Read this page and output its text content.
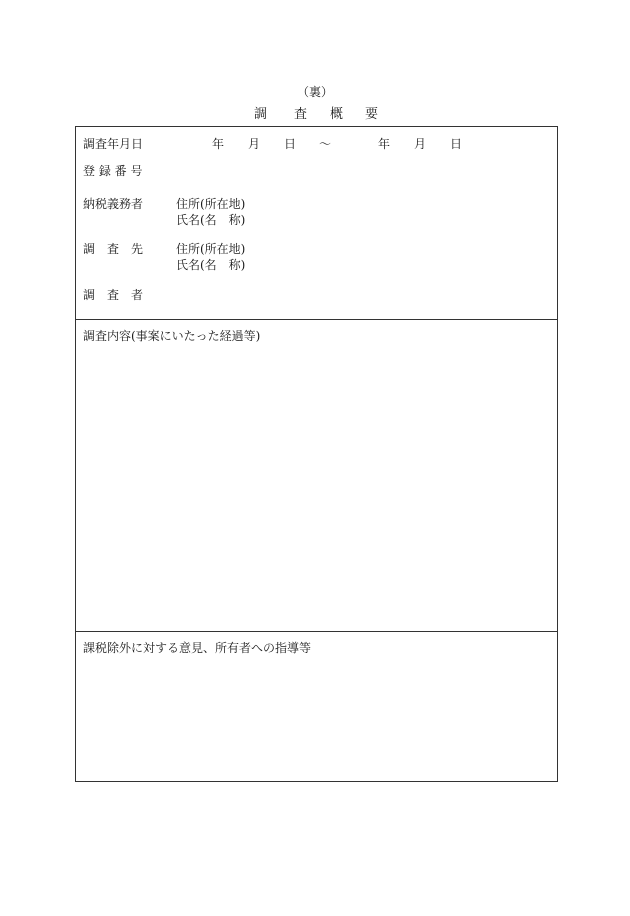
（裏）
調 査 概 要
調査年月日	年 月 日 〜	年 月 日
登 録 番 号
納税義務者	住所(所在地)
氏名(名　称)
調　査　先	住所(所在地)
氏名(名　称)
調　査　者
調査内容(事案にいたった経過等)
課税除外に対する意見、所有者への指導等
